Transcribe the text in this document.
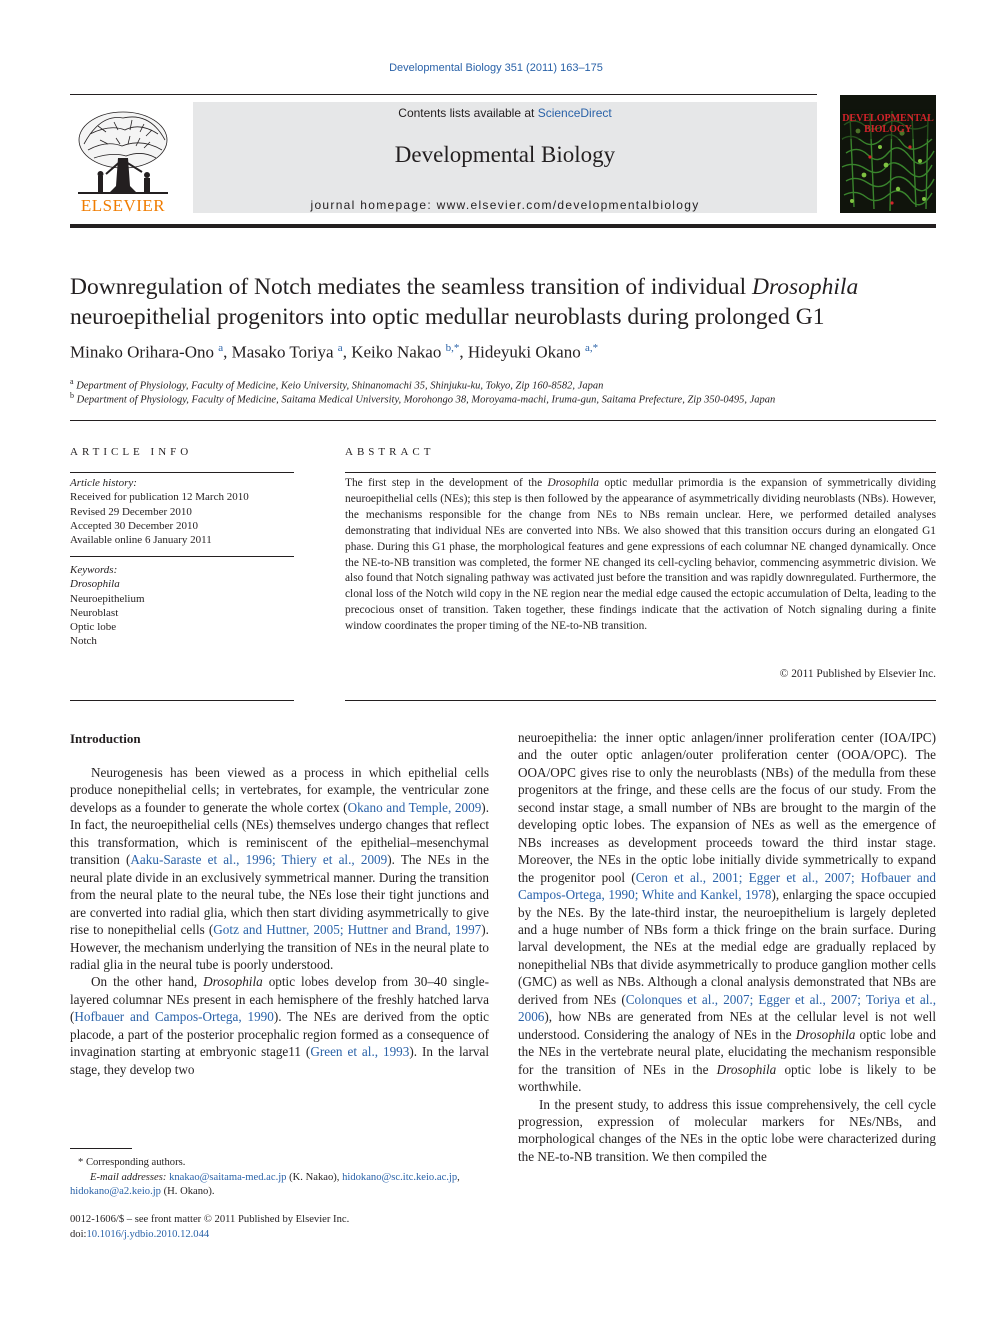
Developmental Biology 351 (2011) 163–175
ELSEVIER
Contents lists available at ScienceDirect
Developmental Biology
journal homepage: www.elsevier.com/developmentalbiology
DEVELOPMENTAL
BIOLOGY
Downregulation of Notch mediates the seamless transition of individual Drosophila neuroepithelial progenitors into optic medullar neuroblasts during prolonged G1
Minako Orihara-Ono $^a$, Masako Toriya $^a$, Keiko Nakao $^{b,*}$, Hideyuki Okano $^{a,*}$
$^a$ Department of Physiology, Faculty of Medicine, Keio University, Shinanomachi 35, Shinjuku-ku, Tokyo, Zip 160-8582, Japan
$^b$ Department of Physiology, Faculty of Medicine, Saitama Medical University, Morohongo 38, Moroyama-machi, Iruma-gun, Saitama Prefecture, Zip 350-0495, Japan
ARTICLE INFO
Article history:
Received for publication 12 March 2010
Revised 29 December 2010
Accepted 30 December 2010
Available online 6 January 2011
Keywords:
Drosophila
Neuroepithelium
Neuroblast
Optic lobe
Notch
ABSTRACT
The first step in the development of the Drosophila optic medullar primordia is the expansion of symmetrically dividing neuroepithelial cells (NEs); this step is then followed by the appearance of asymmetrically dividing neuroblasts (NBs). However, the mechanisms responsible for the change from NEs to NBs remain unclear. Here, we performed detailed analyses demonstrating that individual NEs are converted into NBs. We also showed that this transition occurs during an elongated G1 phase. During this G1 phase, the morphological features and gene expressions of each columnar NE changed dynamically. Once the NE-to-NB transition was completed, the former NE changed its cell-cycling behavior, commencing asymmetric division. We also found that Notch signaling pathway was activated just before the transition and was rapidly downregulated. Furthermore, the clonal loss of the Notch wild copy in the NE region near the medial edge caused the ectopic accumulation of Delta, leading to the precocious onset of transition. Taken together, these findings indicate that the activation of Notch signaling during a finite window coordinates the proper timing of the NE-to-NB transition.
© 2011 Published by Elsevier Inc.
Introduction

Neurogenesis has been viewed as a process in which epithelial cells produce nonepithelial cells; in vertebrates, for example, the ventricular zone develops as a founder to generate the whole cortex (Okano and Temple, 2009). In fact, the neuroepithelial cells (NEs) themselves undergo changes that reflect this transformation, which is reminiscent of the epithelial–mesenchymal transition (Aaku-Saraste et al., 1996; Thiery et al., 2009). The NEs in the neural plate divide in an exclusively symmetrical manner. During the transition from the neural plate to the neural tube, the NEs lose their tight junctions and are converted into radial glia, which then start dividing asymmetrically to give rise to nonepithelial cells (Gotz and Huttner, 2005; Huttner and Brand, 1997). However, the mechanism underlying the transition of NEs in the neural plate to radial glia in the neural tube is poorly understood.

On the other hand, Drosophila optic lobes develop from 30–40 single-layered columnar NEs present in each hemisphere of the freshly hatched larva (Hofbauer and Campos-Ortega, 1990). The NEs are derived from the optic placode, a part of the posterior procephalic region formed as a consequence of invagination starting at embryonic stage11 (Green et al., 1993). In the larval stage, they develop two

neuroepithelia: the inner optic anlagen/inner proliferation center (IOA/IPC) and the outer optic anlagen/outer proliferation center (OOA/OPC). The OOA/OPC gives rise to only the neuroblasts (NBs) of the medulla from these progenitors at the fringe, and these cells are the focus of our study. From the second instar stage, a small number of NBs are brought to the margin of the developing optic lobes. The expansion of NEs as well as the emergence of NBs increases as development proceeds toward the third instar stage. Moreover, the NEs in the optic lobe initially divide symmetrically to expand the progenitor pool (Ceron et al., 2001; Egger et al., 2007; Hofbauer and Campos-Ortega, 1990; White and Kankel, 1978), enlarging the space occupied by the NEs. By the late-third instar, the neuroepithelium is largely depleted and a huge number of NBs form a thick fringe on the brain surface. During larval development, the NEs at the medial edge are gradually replaced by nonepithelial NBs that divide asymmetrically to produce ganglion mother cells (GMC) as well as NBs. Although a clonal analysis demonstrated that NBs are derived from NEs (Colonques et al., 2007; Egger et al., 2007; Toriya et al., 2006), how NBs are generated from NEs at the cellular level is not well understood. Considering the analogy of NEs in the Drosophila optic lobe and the NEs in the vertebrate neural plate, elucidating the mechanism responsible for the transition of NEs in the Drosophila optic lobe is likely to be worthwhile.

In the present study, to address this issue comprehensively, the cell cycle progression, expression of molecular markers for NEs/NBs, and morphological changes of the NEs in the optic lobe were characterized during the NE-to-NB transition. We then compiled the

* Corresponding authors.
E-mail addresses: knakao@saitama-med.ac.jp (K. Nakao), hidokano@sc.itc.keio.ac.jp,
hidokano@a2.keio.jp (H. Okano).
0012-1606/$ – see front matter © 2011 Published by Elsevier Inc.
doi:10.1016/j.ydbio.2010.12.044
